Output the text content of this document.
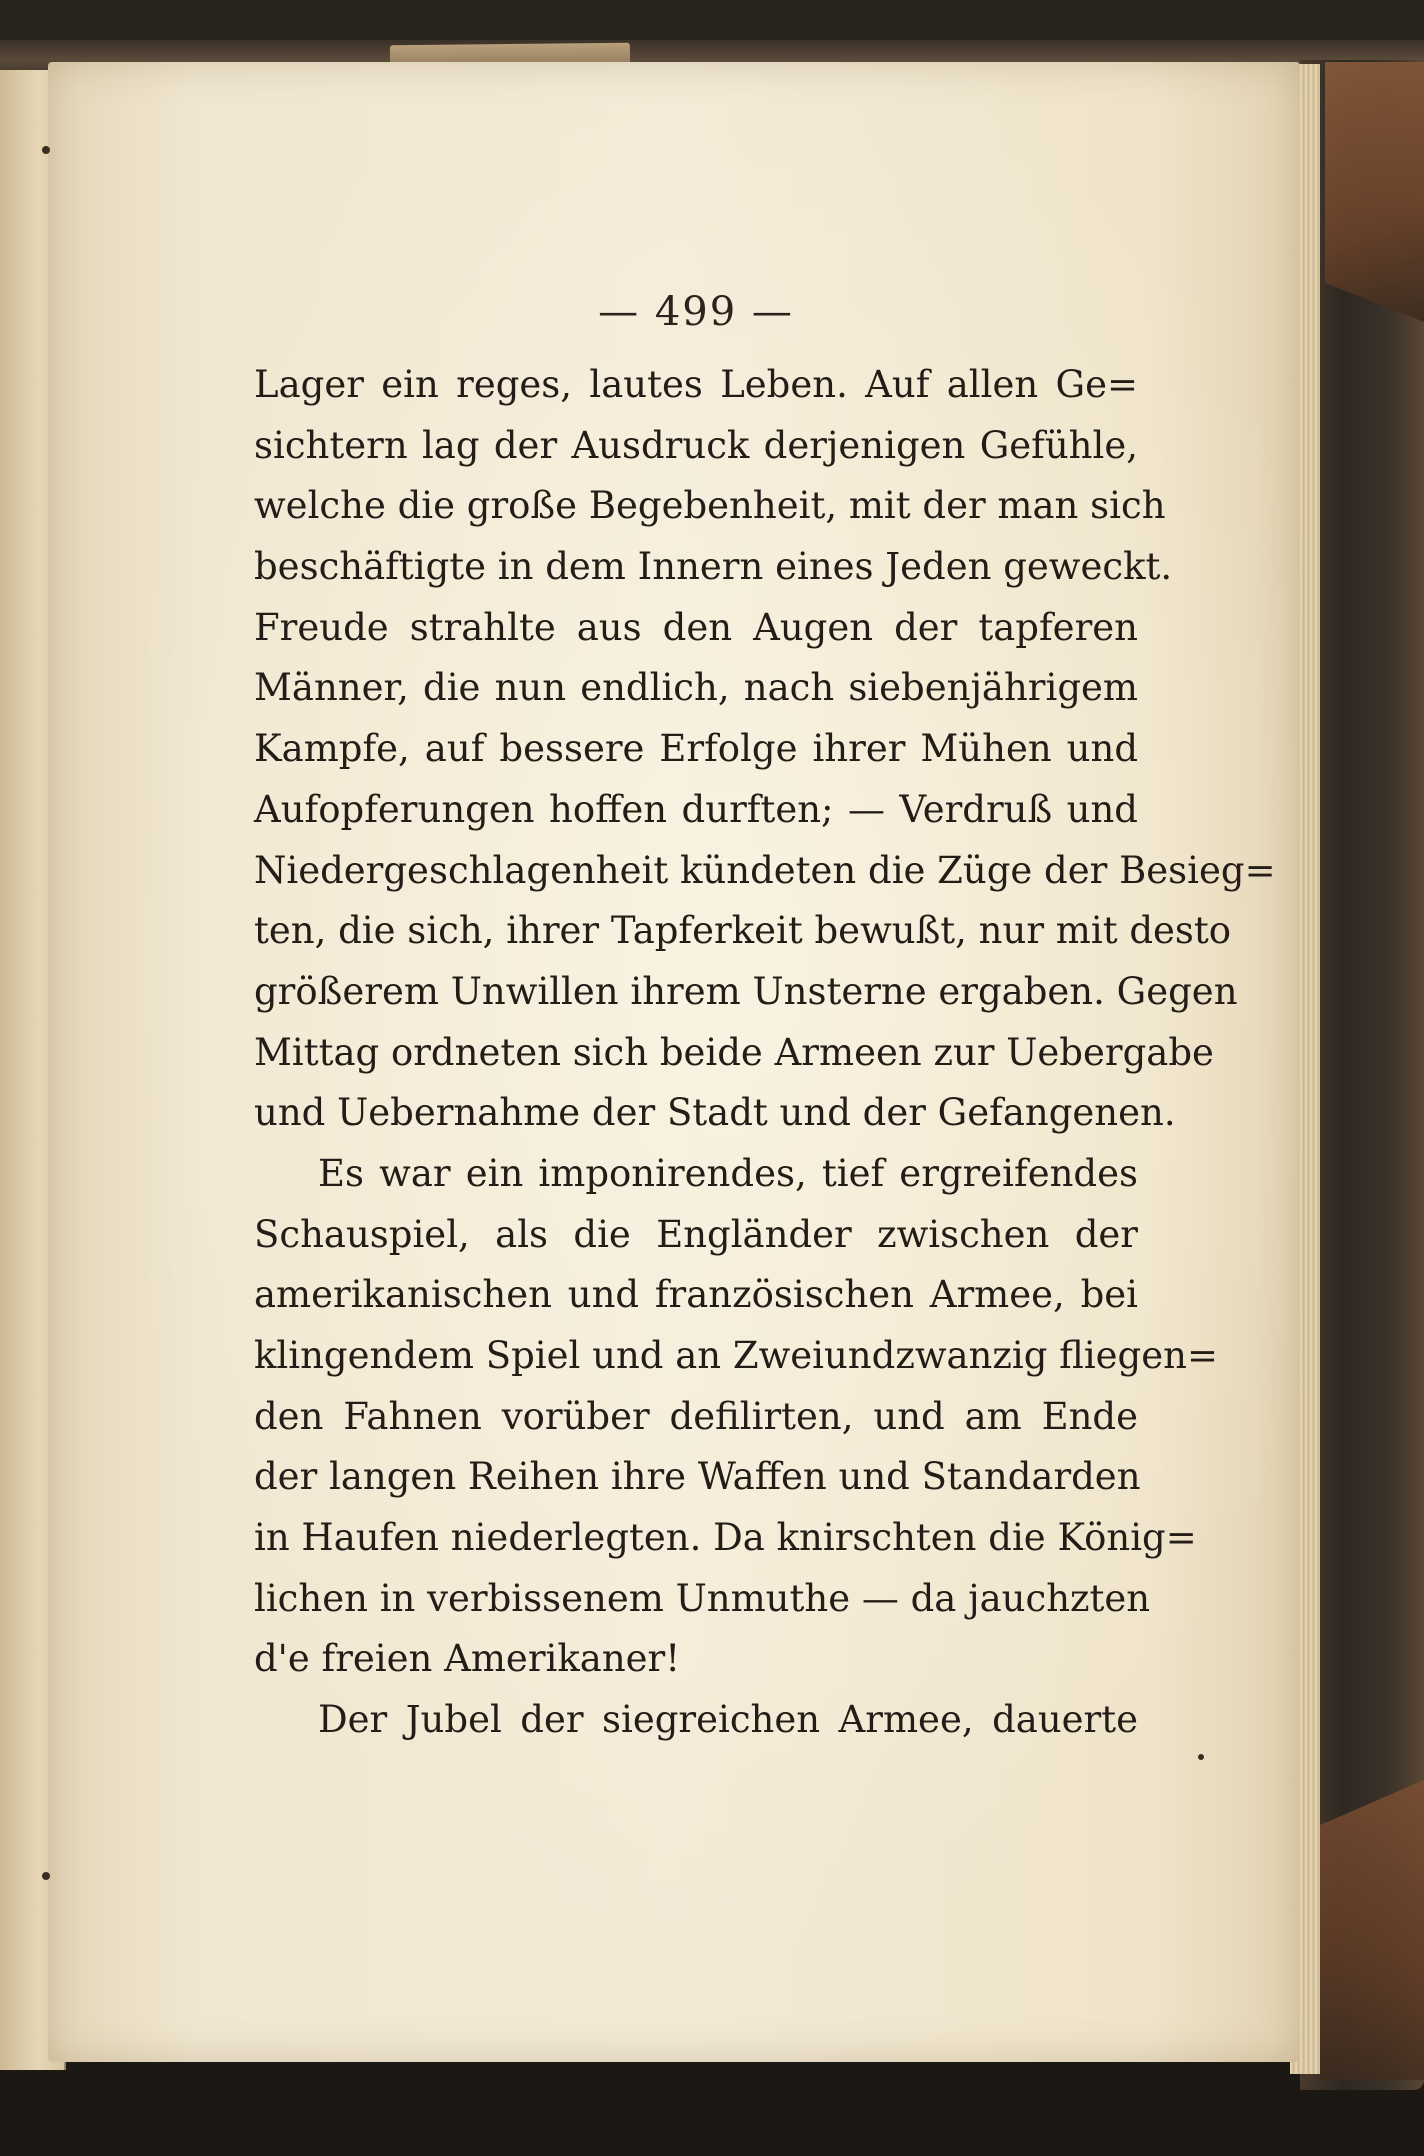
— 499 —
Lager ein reges, lautes Leben. Auf allen Ge=
sichtern lag der Ausdruck derjenigen Gefühle,
welche die große Begebenheit, mit der man sich
beschäftigte in dem Innern eines Jeden geweckt.
Freude strahlte aus den Augen der tapferen
Männer, die nun endlich, nach siebenjährigem
Kampfe, auf bessere Erfolge ihrer Mühen und
Aufopferungen hoffen durften; — Verdruß und
Niedergeschlagenheit kündeten die Züge der Besieg=
ten, die sich, ihrer Tapferkeit bewußt, nur mit desto
größerem Unwillen ihrem Unsterne ergaben. Gegen
Mittag ordneten sich beide Armeen zur Uebergabe
und Uebernahme der Stadt und der Gefangenen.
Es war ein imponirendes, tief ergreifendes
Schauspiel, als die Engländer zwischen der
amerikanischen und französischen Armee, bei
klingendem Spiel und an Zweiundzwanzig fliegen=
den Fahnen vorüber defilirten, und am Ende
der langen Reihen ihre Waffen und Standarden
in Haufen niederlegten. Da knirschten die König=
lichen in verbissenem Unmuthe — da jauchzten
d'e freien Amerikaner!
Der Jubel der siegreichen Armee, dauerte
